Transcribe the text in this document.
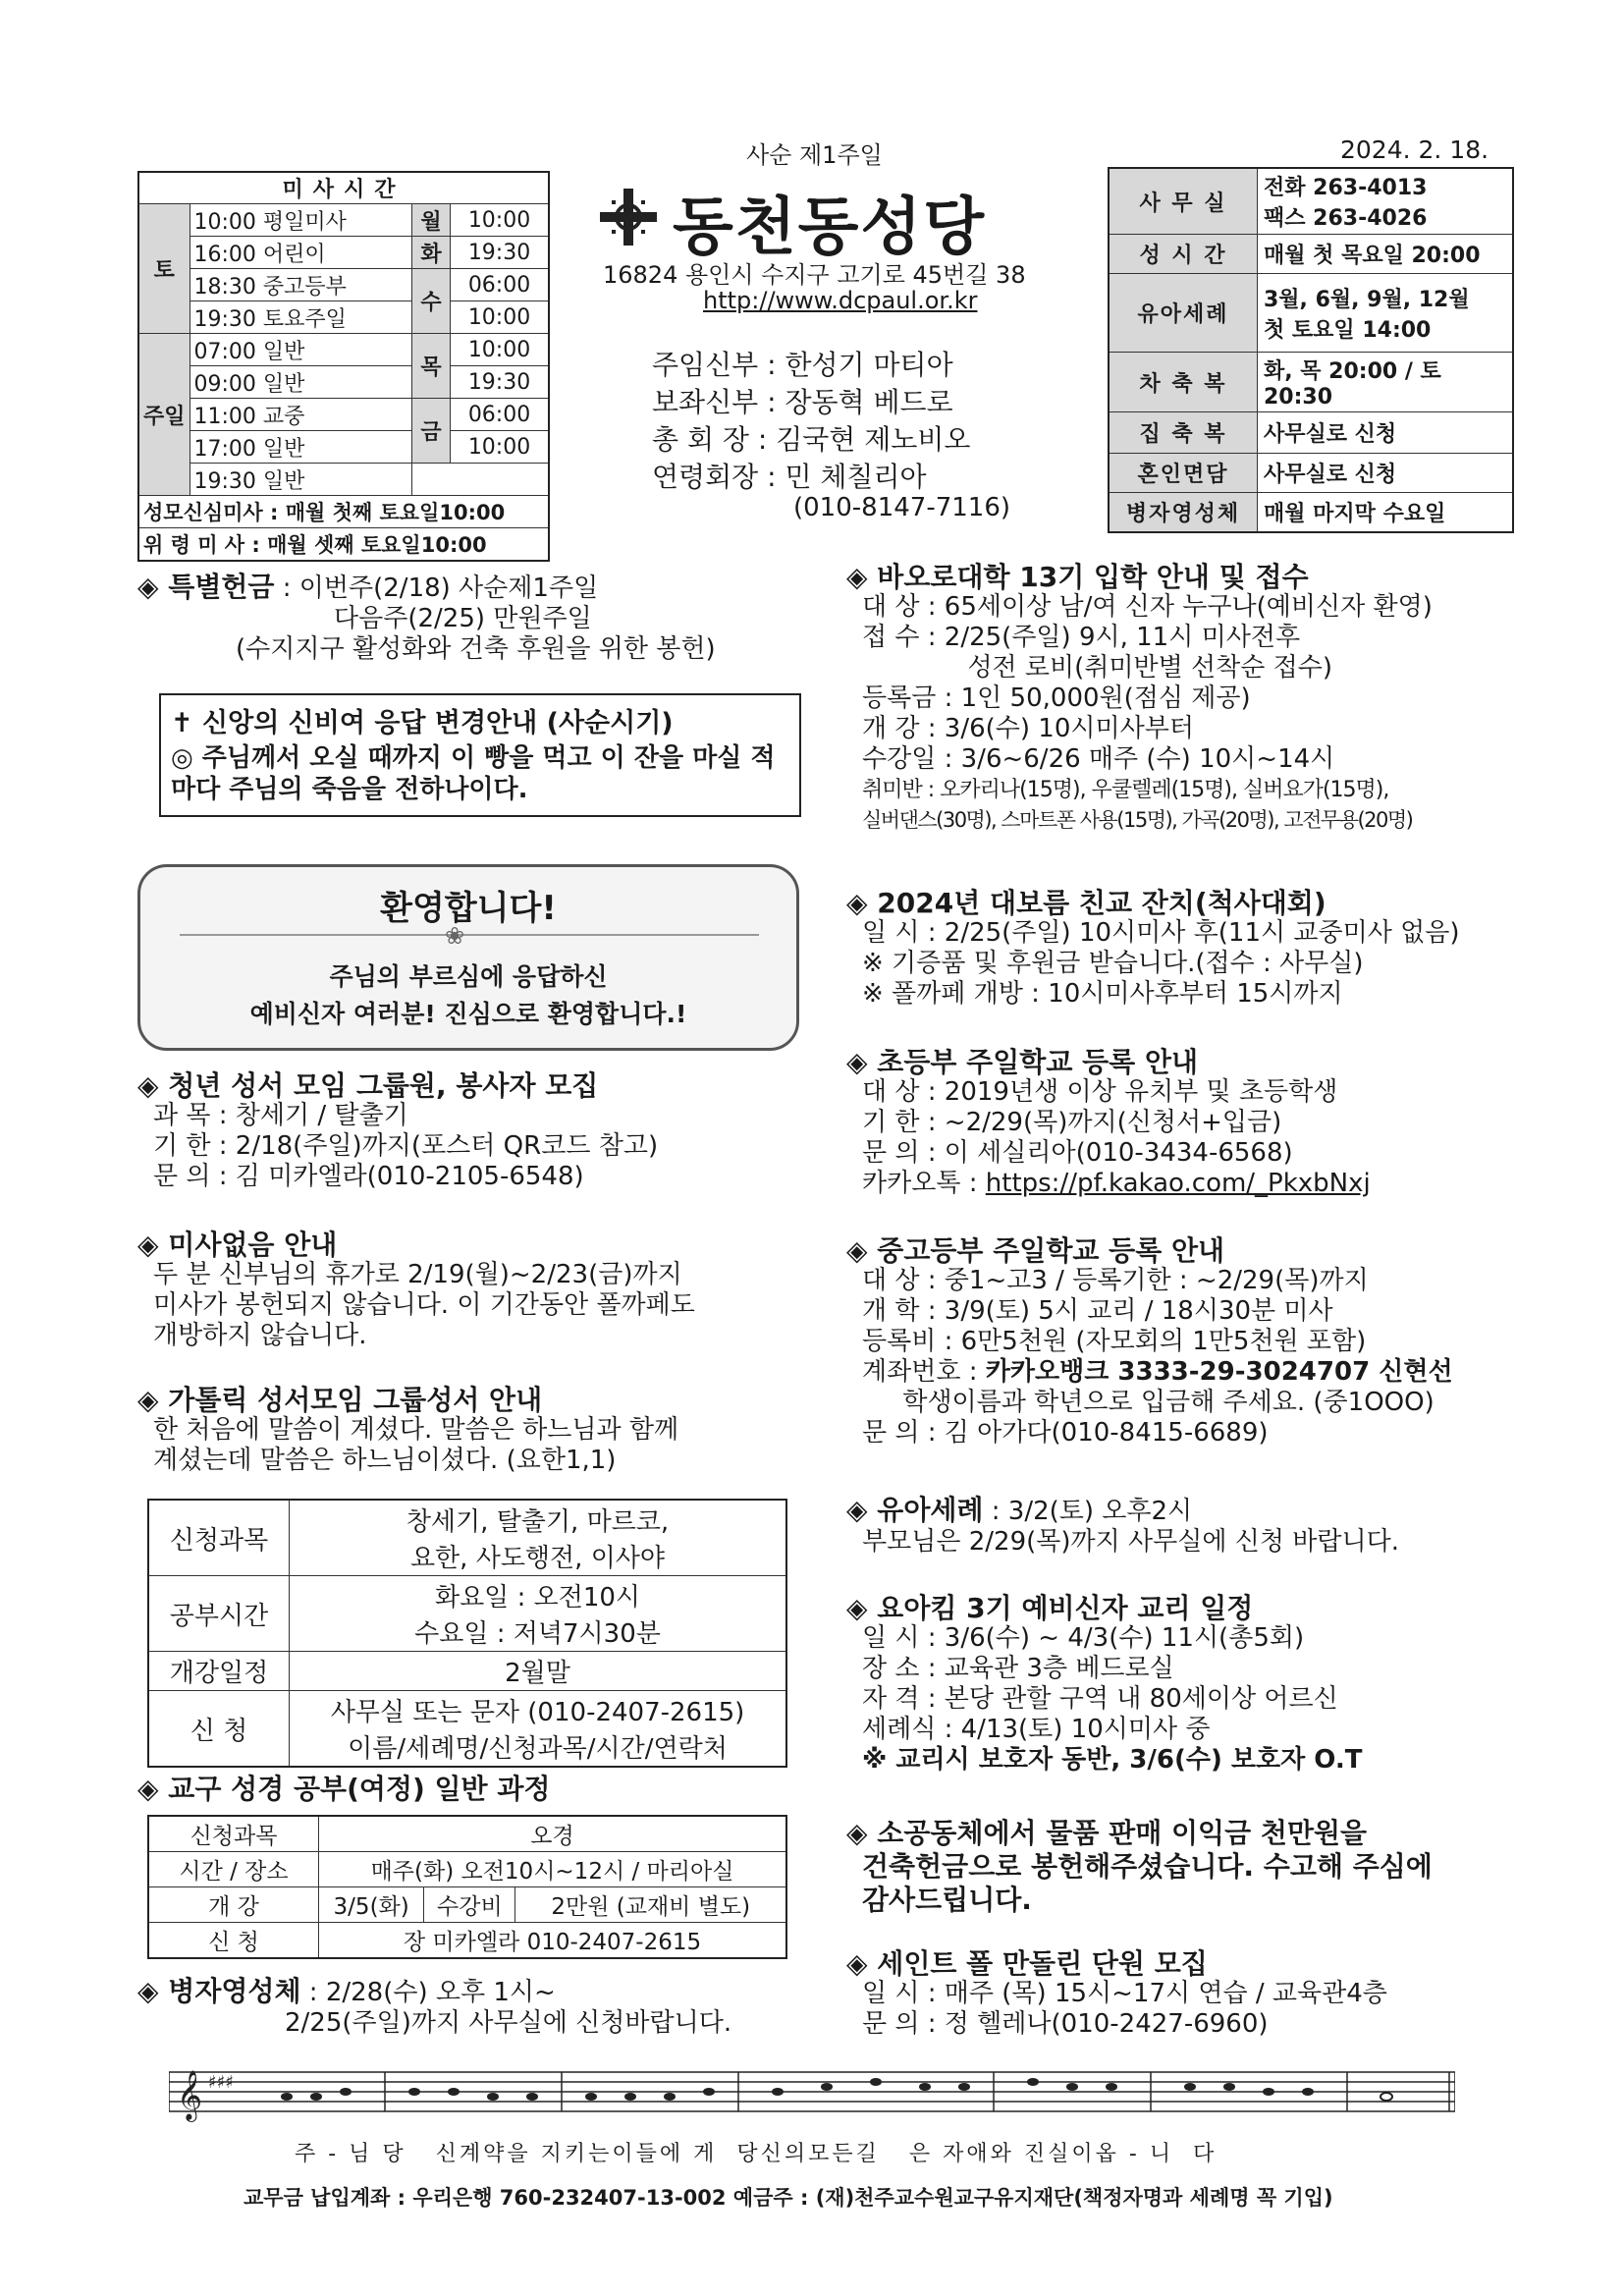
사순 제1주일	2024. 2. 18.
미사시간			
토	10:00 평일미사	월	10:00
	16:00 어린이	화	19:30
	18:30 중고등부	수	06:00
	19:30 토요주일		10:00
주일	07:00 일반	목	10:00
	09:00 일반		19:30
	11:00 교중	금	06:00
	17:00 일반		10:00
	19:30 일반		
성모신심미사 : 매월 첫째 토요일10:00			
위 령 미 사 : 매월 셋째 토요일10:00			
동천동성당
16824 용인시 수지구 고기로 45번길 38
http://www.dcpaul.or.kr
주임신부 : 한성기 마티아
보좌신부 : 장동혁 베드로
총 회 장 : 김국현 제노비오
연령회장 : 민 체칠리아
(010-8147-7116)
사 무 실	전화 263-4013
팩스 263-4026

성 시 간	매월 첫 목요일 20:00
유아세례	3월, 6월, 9월, 12월
첫 토요일 14:00

차 축 복	화, 목 20:00 / 토 20:30
집 축 복	사무실로 신청
혼인면담	사무실로 신청
병자영성체	매월 마지막 수요일
◈ 특별헌금 : 이번주(2/18) 사순제1주일
다음주(2/25) 만원주일
(수지지구 활성화와 건축 후원을 위한 봉헌)
✝ 신앙의 신비여 응답 변경안내 (사순시기)
◎ 주님께서 오실 때까지 이 빵을 먹고 이 잔을 마실 적마다 주님의 죽음을 전하나이다.
환영합니다!
❀
주님의 부르심에 응답하신
예비신자 여러분! 진심으로 환영합니다.!
◈ 청년 성서 모임 그룹원, 봉사자 모집
과 목 : 창세기 / 탈출기
기 한 : 2/18(주일)까지(포스터 QR코드 참고)
문 의 : 김 미카엘라(010-2105-6548)
◈ 미사없음 안내
두 분 신부님의 휴가로 2/19(월)~2/23(금)까지
미사가 봉헌되지 않습니다. 이 기간동안 폴까페도
개방하지 않습니다.
◈ 가톨릭 성서모임 그룹성서 안내
한 처음에 말씀이 계셨다. 말씀은 하느님과 함께
계셨는데 말씀은 하느님이셨다. (요한1,1)
신청과목	창세기, 탈출기, 마르코,
요한, 사도행전, 이사야

공부시간	화요일 : 오전10시
수요일 : 저녁7시30분

개강일정	2월말
신 청	사무실 또는 문자 (010-2407-2615)
이름/세례명/신청과목/시간/연락처
◈ 교구 성경 공부(여정) 일반 과정
신청과목	오경		
시간 / 장소	매주(화) 오전10시~12시 / 마리아실		
개 강	3/5(화)	수강비	2만원 (교재비 별도)
신 청	장 미카엘라 010-2407-2615		
◈ 병자영성체 : 2/28(수) 오후 1시~
2/25(주일)까지 사무실에 신청바랍니다.
◈ 바오로대학 13기 입학 안내 및 접수
대 상 : 65세이상 남/여 신자 누구나(예비신자 환영)
접 수 : 2/25(주일) 9시, 11시 미사전후
성전 로비(취미반별 선착순 접수)
등록금 : 1인 50,000원(점심 제공)
개 강 : 3/6(수) 10시미사부터
수강일 : 3/6~6/26 매주 (수) 10시~14시
취미반 : 오카리나(15명), 우쿨렐레(15명), 실버요가(15명),
실버댄스(30명), 스마트폰 사용(15명), 가곡(20명), 고전무용(20명)
◈ 2024년 대보름 친교 잔치(척사대회)
일 시 : 2/25(주일) 10시미사 후(11시 교중미사 없음)
※ 기증품 및 후원금 받습니다.(접수 : 사무실)
※ 폴까페 개방 : 10시미사후부터 15시까지
◈ 초등부 주일학교 등록 안내
대 상 : 2019년생 이상 유치부 및 초등학생
기 한 : ~2/29(목)까지(신청서+입금)
문 의 : 이 세실리아(010-3434-6568)
카카오톡 : https://pf.kakao.com/_PkxbNxj
◈ 중고등부 주일학교 등록 안내
대 상 : 중1~고3 / 등록기한 : ~2/29(목)까지
개 학 : 3/9(토) 5시 교리 / 18시30분 미사
등록비 : 6만5천원 (자모회의 1만5천원 포함)
계좌번호 : 카카오뱅크 3333-29-3024707 신현선
학생이름과 학년으로 입금해 주세요. (중1OOO)
문 의 : 김 아가다(010-8415-6689)
◈ 유아세례 : 3/2(토) 오후2시
부모님은 2/29(목)까지 사무실에 신청 바랍니다.
◈ 요아킴 3기 예비신자 교리 일정
일 시 : 3/6(수) ~ 4/3(수) 11시(총5회)
장 소 : 교육관 3층 베드로실
자 격 : 본당 관할 구역 내 80세이상 어르신
세례식 : 4/13(토) 10시미사 중
※ 교리시 보호자 동반, 3/6(수) 보호자 O.T
◈ 소공동체에서 물품 판매 이익금 천만원을
건축헌금으로 봉헌해주셨습니다. 수고해 주심에
감사드립니다.
◈ 세인트 폴 만돌린 단원 모집
일 시 : 매주 (목) 15시~17시 연습 / 교육관4층
문 의 : 정 헬레나(010-2427-6960)
𝄞 ♯♯♯
주 - 님 당   신계약을 지키는이들에 게  당신의모든길   은 자애와 진실이옵 - 니  다
교무금 납입계좌 : 우리은행 760-232407-13-002 예금주 : (재)천주교수원교구유지재단(책정자명과 세례명 꼭 기입)
